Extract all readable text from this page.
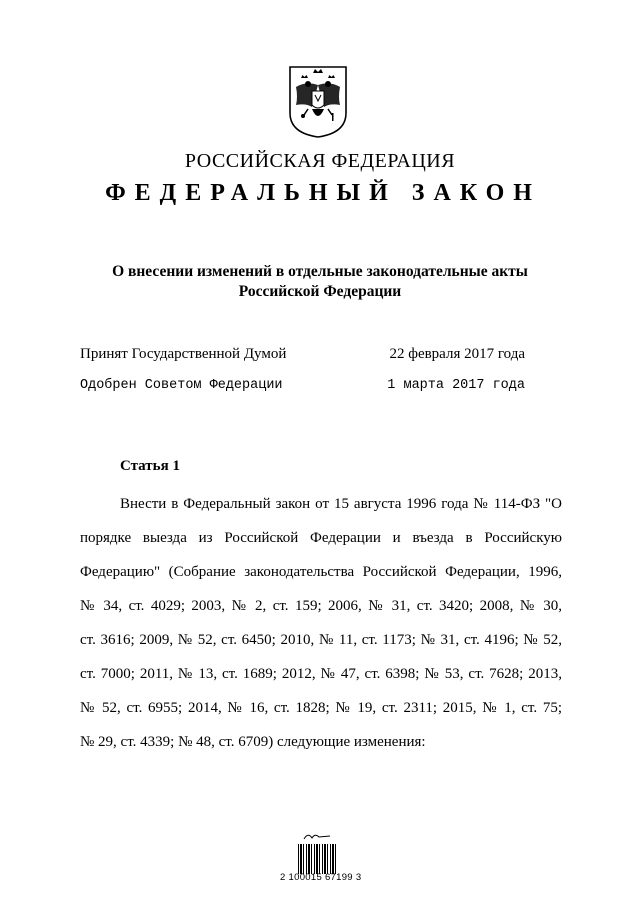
РОССИЙСКАЯ ФЕДЕРАЦИЯ
ФЕДЕРАЛЬНЫЙ ЗАКОН
О внесении изменений в отдельные законодательные акты
Российской Федерации
Принят Государственной Думой	22 февраля 2017 года
Одобрен Советом Федерации	1 марта 2017 года
Статья 1
Внести в Федеральный закон от 15 августа 1996 года № 114-ФЗ "О
порядке выезда из Российской Федерации и въезда в Российскую
Федерацию" (Собрание законодательства Российской Федерации, 1996,
№ 34, ст. 4029; 2003, № 2, ст. 159; 2006, № 31, ст. 3420; 2008, № 30,
ст. 3616; 2009, № 52, ст. 6450; 2010, № 11, ст. 1173; № 31, ст. 4196; № 52,
ст. 7000; 2011, № 13, ст. 1689; 2012, № 47, ст. 6398; № 53, ст. 7628; 2013,
№ 52, ст. 6955; 2014, № 16, ст. 1828; № 19, ст. 2311; 2015, № 1, ст. 75;
№ 29, ст. 4339; № 48, ст. 6709) следующие изменения:
2 100015 67199 3
